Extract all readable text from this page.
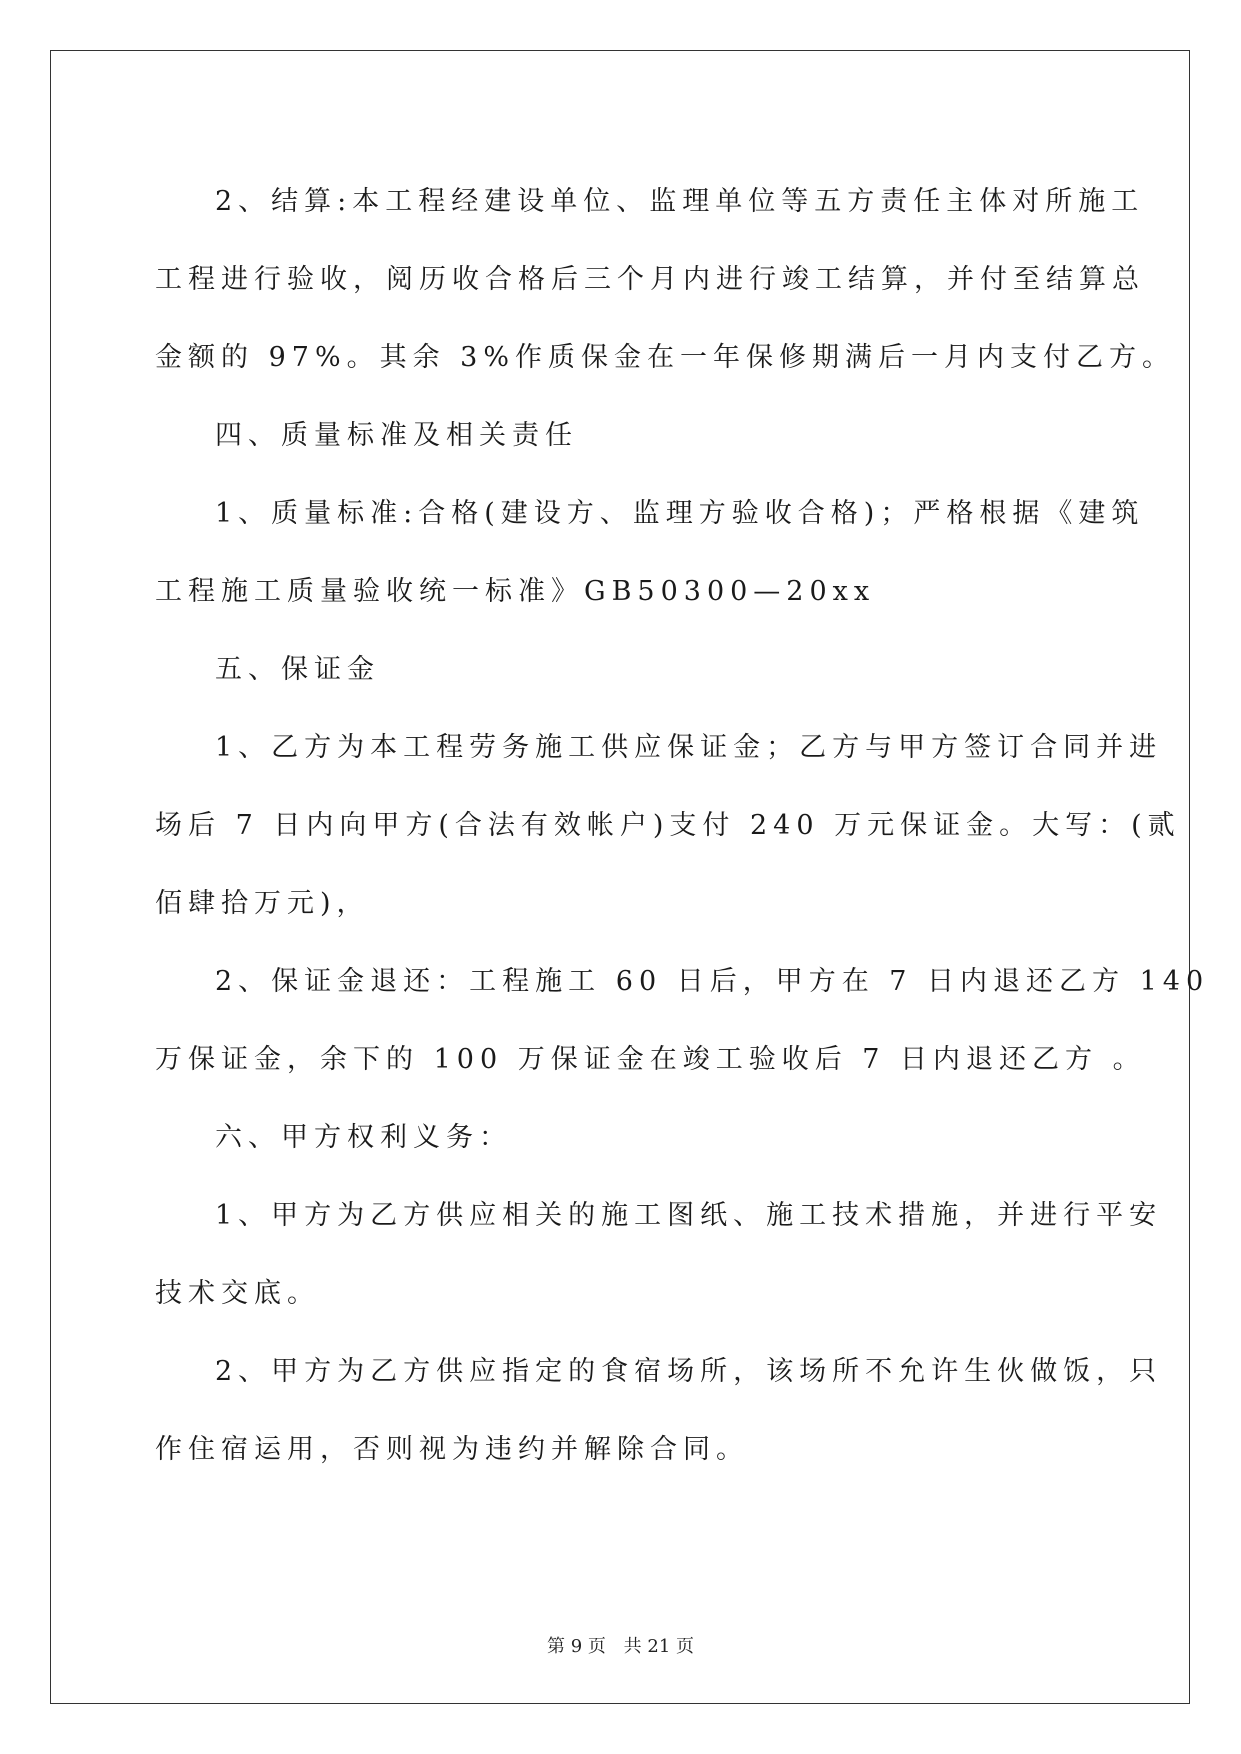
2、结算:本工程经建设单位、监理单位等五方责任主体对所施工
工程进行验收，阅历收合格后三个月内进行竣工结算，并付至结算总
金额的 97%。其余 3%作质保金在一年保修期满后一月内支付乙方。

四、质量标准及相关责任

1、质量标准:合格(建设方、监理方验收合格)；严格根据《建筑
工程施工质量验收统一标准》GB50300—20xx

五、保证金

1、乙方为本工程劳务施工供应保证金；乙方与甲方签订合同并进
场后 7 日内向甲方(合法有效帐户)支付 240 万元保证金。大写：(贰
佰肆拾万元)，

2、保证金退还：工程施工 60 日后，甲方在 7 日内退还乙方 140
万保证金，余下的 100 万保证金在竣工验收后 7 日内退还乙方 。

六、甲方权利义务：

1、甲方为乙方供应相关的施工图纸、施工技术措施，并进行平安
技术交底。

2、甲方为乙方供应指定的食宿场所，该场所不允许生伙做饭，只
作住宿运用，否则视为违约并解除合同。

第 9 页 共 21 页
